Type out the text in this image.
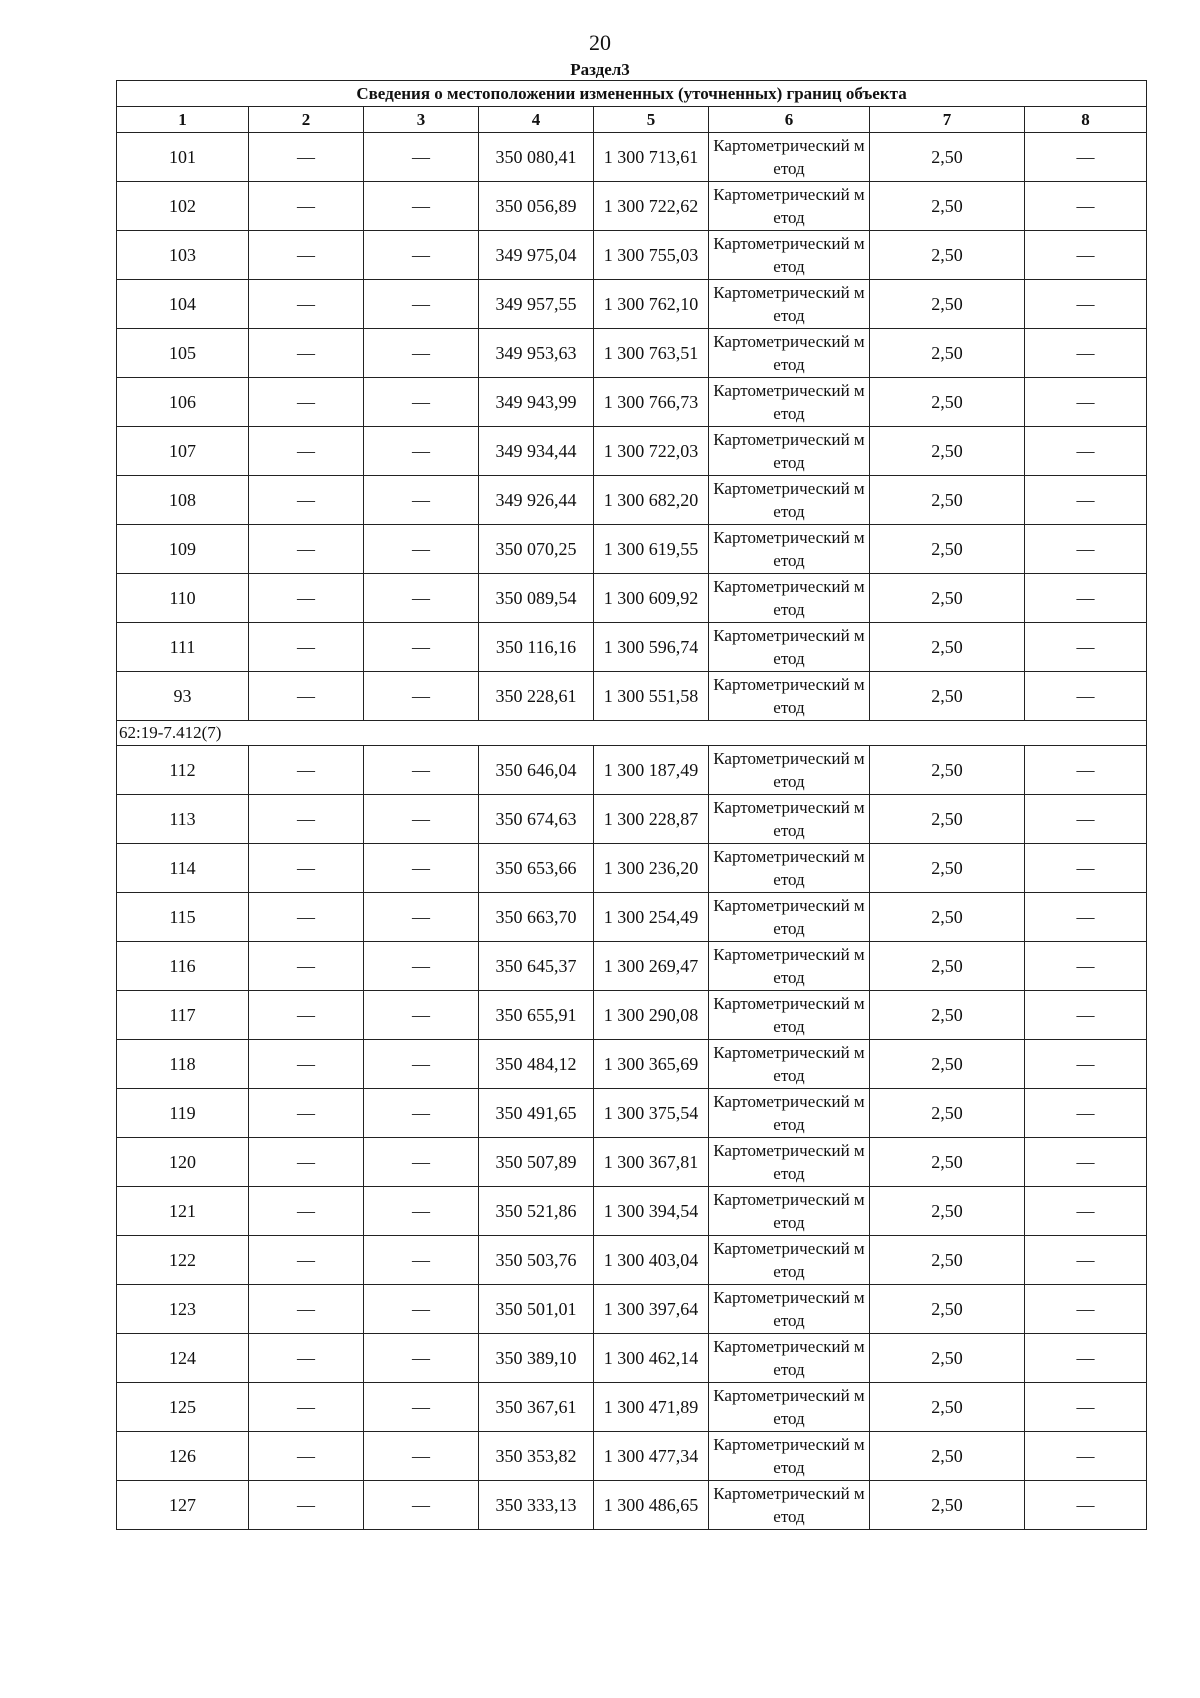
20
Раздел3
Сведения о местоположении измененных (уточненных) границ объекта							
1	2	3	4	5	6	7	8
101	—	—	350 080,41	1 300 713,61	Картометрический метод	2,50	—
102	—	—	350 056,89	1 300 722,62	Картометрический метод	2,50	—
103	—	—	349 975,04	1 300 755,03	Картометрический метод	2,50	—
104	—	—	349 957,55	1 300 762,10	Картометрический метод	2,50	—
105	—	—	349 953,63	1 300 763,51	Картометрический метод	2,50	—
106	—	—	349 943,99	1 300 766,73	Картометрический метод	2,50	—
107	—	—	349 934,44	1 300 722,03	Картометрический метод	2,50	—
108	—	—	349 926,44	1 300 682,20	Картометрический метод	2,50	—
109	—	—	350 070,25	1 300 619,55	Картометрический метод	2,50	—
110	—	—	350 089,54	1 300 609,92	Картометрический метод	2,50	—
111	—	—	350 116,16	1 300 596,74	Картометрический метод	2,50	—
93	—	—	350 228,61	1 300 551,58	Картометрический метод	2,50	—
62:19-7.412(7)							
112	—	—	350 646,04	1 300 187,49	Картометрический метод	2,50	—
113	—	—	350 674,63	1 300 228,87	Картометрический метод	2,50	—
114	—	—	350 653,66	1 300 236,20	Картометрический метод	2,50	—
115	—	—	350 663,70	1 300 254,49	Картометрический метод	2,50	—
116	—	—	350 645,37	1 300 269,47	Картометрический метод	2,50	—
117	—	—	350 655,91	1 300 290,08	Картометрический метод	2,50	—
118	—	—	350 484,12	1 300 365,69	Картометрический метод	2,50	—
119	—	—	350 491,65	1 300 375,54	Картометрический метод	2,50	—
120	—	—	350 507,89	1 300 367,81	Картометрический метод	2,50	—
121	—	—	350 521,86	1 300 394,54	Картометрический метод	2,50	—
122	—	—	350 503,76	1 300 403,04	Картометрический метод	2,50	—
123	—	—	350 501,01	1 300 397,64	Картометрический метод	2,50	—
124	—	—	350 389,10	1 300 462,14	Картометрический метод	2,50	—
125	—	—	350 367,61	1 300 471,89	Картометрический метод	2,50	—
126	—	—	350 353,82	1 300 477,34	Картометрический метод	2,50	—
127	—	—	350 333,13	1 300 486,65	Картометрический метод	2,50	—
